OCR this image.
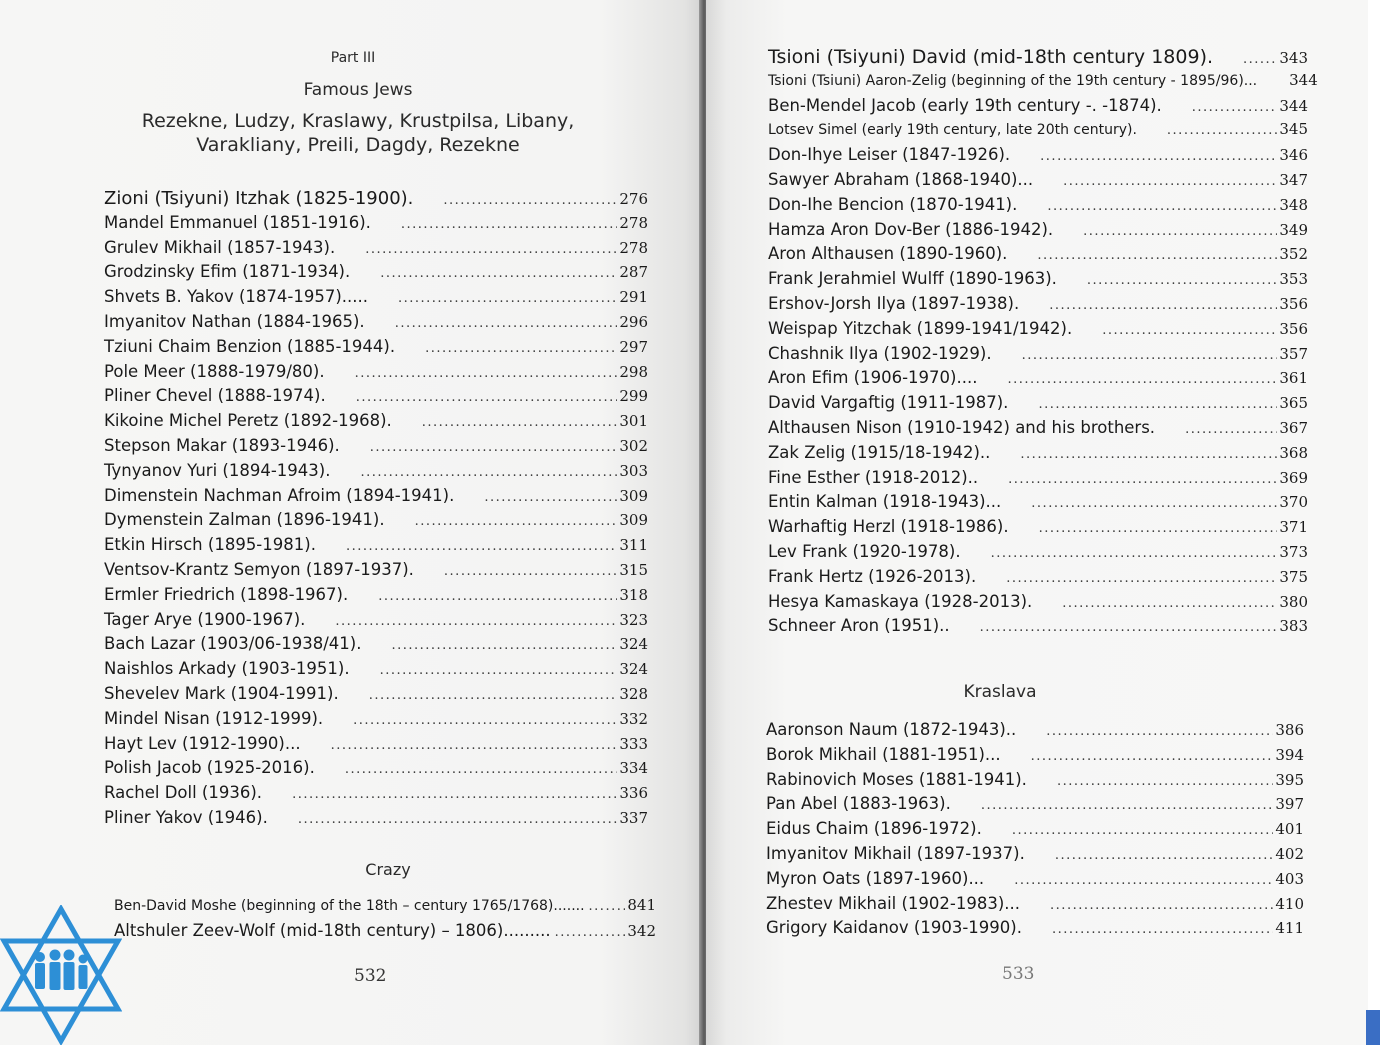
Part III
Famous Jews
Rezekne, Ludzy, Kraslawy, Krustpilsa, Libany,
Varakliany, Preili, Dagdy, Rezekne
Zioni (Tsiyuni) Itzhak (1825-1900). .....	276
Mandel Emmanuel (1851-1916). .....	278
Grulev Mikhail (1857-1943). .....	278
Grodzinsky Efim (1871-1934). .....	287
Shvets B. Yakov (1874-1957)..... .....	291
Imyanitov Nathan (1884-1965). .....	296
Tziuni Chaim Benzion (1885-1944). .....	297
Pole Meer (1888-1979/80). .....	298
Pliner Chevel (1888-1974). .....	299
Kikoine Michel Peretz (1892-1968). .....	301
Stepson Makar (1893-1946). .....	302
Tynyanov Yuri (1894-1943). .....	303
Dimenstein Nachman Afroim (1894-1941). .....	309
Dymenstein Zalman (1896-1941). .....	309
Etkin Hirsch (1895-1981). .....	311
Ventsov-Krantz Semyon (1897-1937). .....	315
Ermler Friedrich (1898-1967). .....	318
Tager Arye (1900-1967). .....	323
Bach Lazar (1903/06-1938/41). .....	324
Naishlos Arkady (1903-1951). .....	324
Shevelev Mark (1904-1991). .....	328
Mindel Nisan (1912-1999). .....	332
Hayt Lev (1912-1990)... .....	333
Polish Jacob (1925-2016). .....	334
Rachel Doll (1936). .....	336
Pliner Yakov (1946). .....	337
Crazy
Ben-David Moshe (beginning of the 18th – century 1765/1768)....... .....	841
Altshuler Zeev-Wolf (mid-18th century) – 1806)......... .....	342
532
Tsioni (Tsiyuni) David (mid-18th century 1809). .....	343
Tsioni (Tsiuni) Aaron-Zelig (beginning of the 19th century - 1895/96)... 344
Ben-Mendel Jacob (early 19th century -. -1874). .....	344
Lotsev Simel (early 19th century, late 20th century). .....	345
Don-Ihye Leiser (1847-1926). .....	346
Sawyer Abraham (1868-1940)... .....	347
Don-Ihe Bencion (1870-1941). .....	348
Hamza Aron Dov-Ber (1886-1942). .....	349
Aron Althausen (1890-1960). .....	352
Frank Jerahmiel Wulff (1890-1963). .....	353
Ershov-Jorsh Ilya (1897-1938). .....	356
Weispap Yitzchak (1899-1941/1942). .....	356
Chashnik Ilya (1902-1929). .....	357
Aron Efim (1906-1970).... .....	361
David Vargaftig (1911-1987). .....	365
Althausen Nison (1910-1942) and his brothers. .....	367
Zak Zelig (1915/18-1942).. .....	368
Fine Esther (1918-2012).. .....	369
Entin Kalman (1918-1943)... .....	370
Warhaftig Herzl (1918-1986). .....	371
Lev Frank (1920-1978). .....	373
Frank Hertz (1926-2013). .....	375
Hesya Kamaskaya (1928-2013). .....	380
Schneer Aron (1951).. .....	383
Kraslava
Aaronson Naum (1872-1943).. .....	386
Borok Mikhail (1881-1951)... .....	394
Rabinovich Moses (1881-1941). .....	395
Pan Abel (1883-1963). .....	397
Eidus Chaim (1896-1972). .....	401
Imyanitov Mikhail (1897-1937). .....	402
Myron Oats (1897-1960)... .....	403
Zhestev Mikhail (1902-1983)... .....	410
Grigory Kaidanov (1903-1990). .....	411
533
